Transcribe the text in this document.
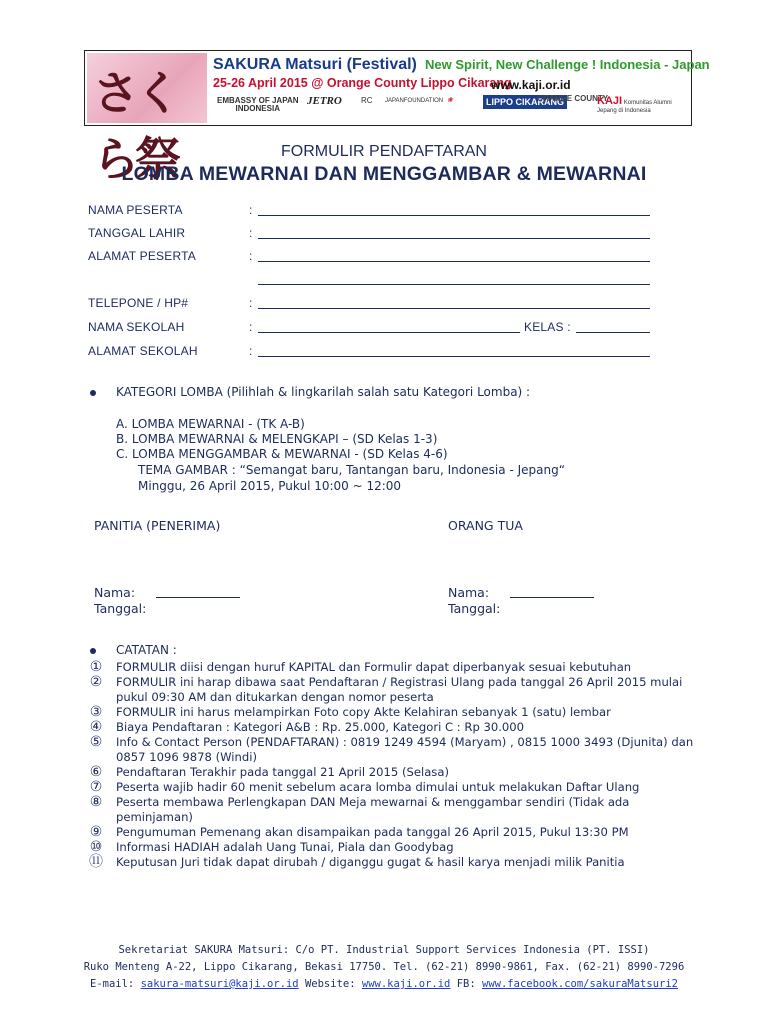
さくら祭
SAKURA Matsuri (Festival) New Spirit, New Challenge ! Indonesia - Japan
25-26 April 2015 @ Orange County Lippo Cikarang
www.kaji.or.id
EMBASSY OF JAPAN
INDONESIA
JETRO RC JAPANFOUNDATION ❀	LIPPO CIKARANG
ORANGE COUNTY
KAJI Komunitas Alumni Jepang di Indonesia
FORMULIR PENDAFTARAN
LOMBA MEWARNAI DAN MENGGAMBAR & MEWARNAI
NAMA PESERTA	:
TANGGAL LAHIR	:
ALAMAT PESERTA	:
TELEPONE / HP#	:
NAMA SEKOLAH	:	KELAS :
ALAMAT SEKOLAH	:
KATEGORI LOMBA (Pilihlah & lingkarilah salah satu Kategori Lomba) :
A. LOMBA MEWARNAI - (TK A-B)
B. LOMBA MEWARNAI & MELENGKAPI – (SD Kelas 1-3)
C. LOMBA MENGGAMBAR & MEWARNAI - (SD Kelas 4-6)
TEMA GAMBAR : “Semangat baru, Tantangan baru, Indonesia - Jepang“
Minggu, 26 April 2015, Pukul 10:00 ~ 12:00
PANITIA (PENERIMA)	ORANG TUA
Nama:
Tanggal:
Nama:
Tanggal:
CATATAN :
① FORMULIR diisi dengan huruf KAPITAL dan Formulir dapat diperbanyak sesuai kebutuhan
② FORMULIR ini harap dibawa saat Pendaftaran / Registrasi Ulang pada tanggal 26 April 2015 mulai pukul 09:30 AM dan ditukarkan dengan nomor peserta
③ FORMULIR ini harus melampirkan Foto copy Akte Kelahiran sebanyak 1 (satu) lembar
④ Biaya Pendaftaran : Kategori A&B : Rp. 25.000, Kategori C : Rp 30.000
⑤ Info & Contact Person (PENDAFTARAN) : 0819 1249 4594 (Maryam) , 0815 1000 3493 (Djunita) dan 0857 1096 9878 (Windi)
⑥ Pendaftaran Terakhir pada tanggal 21 April 2015 (Selasa)
⑦ Peserta wajib hadir 60 menit sebelum acara lomba dimulai untuk melakukan Daftar Ulang
⑧ Peserta membawa Perlengkapan DAN Meja mewarnai & menggambar sendiri (Tidak ada peminjaman)
⑨ Pengumuman Pemenang akan disampaikan pada tanggal 26 April 2015, Pukul 13:30 PM
⑩ Informasi HADIAH adalah Uang Tunai, Piala dan Goodybag
⑪ Keputusan Juri tidak dapat dirubah / diganggu gugat & hasil karya menjadi milik Panitia
Sekretariat SAKURA Matsuri: C/o PT. Industrial Support Services Indonesia (PT. ISSI)
Ruko Menteng A-22, Lippo Cikarang, Bekasi 17750. Tel. (62-21) 8990-9861, Fax. (62-21) 8990-7296
E-mail: sakura-matsuri@kaji.or.id Website: www.kaji.or.id FB: www.facebook.com/sakuraMatsuri2
